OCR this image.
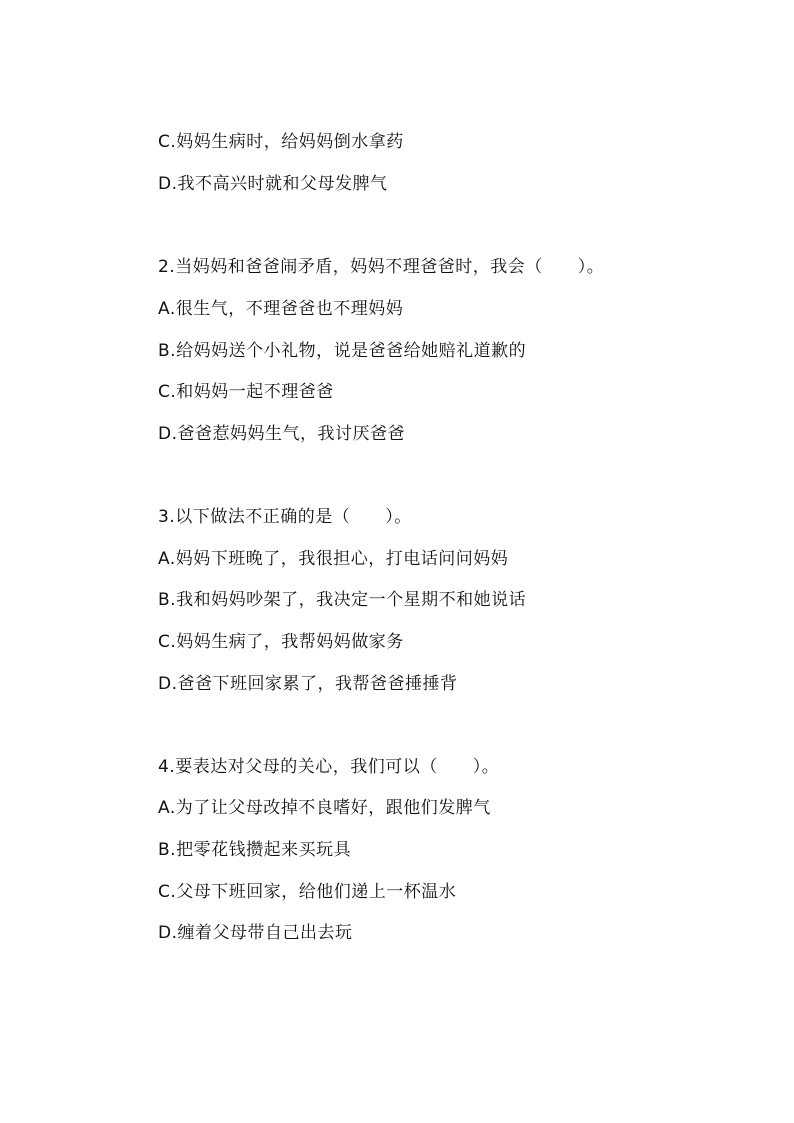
C.妈妈生病时，给妈妈倒水拿药
D.我不高兴时就和父母发脾气
2.当妈妈和爸爸闹矛盾，妈妈不理爸爸时，我会（　　）。
A.很生气，不理爸爸也不理妈妈
B.给妈妈送个小礼物，说是爸爸给她赔礼道歉的
C.和妈妈一起不理爸爸
D.爸爸惹妈妈生气，我讨厌爸爸
3.以下做法不正确的是（　　）。
A.妈妈下班晚了，我很担心，打电话问问妈妈
B.我和妈妈吵架了，我决定一个星期不和她说话
C.妈妈生病了，我帮妈妈做家务
D.爸爸下班回家累了，我帮爸爸捶捶背
4.要表达对父母的关心，我们可以（　　）。
A.为了让父母改掉不良嗜好，跟他们发脾气
B.把零花钱攒起来买玩具
C.父母下班回家，给他们递上一杯温水
D.缠着父母带自己出去玩
